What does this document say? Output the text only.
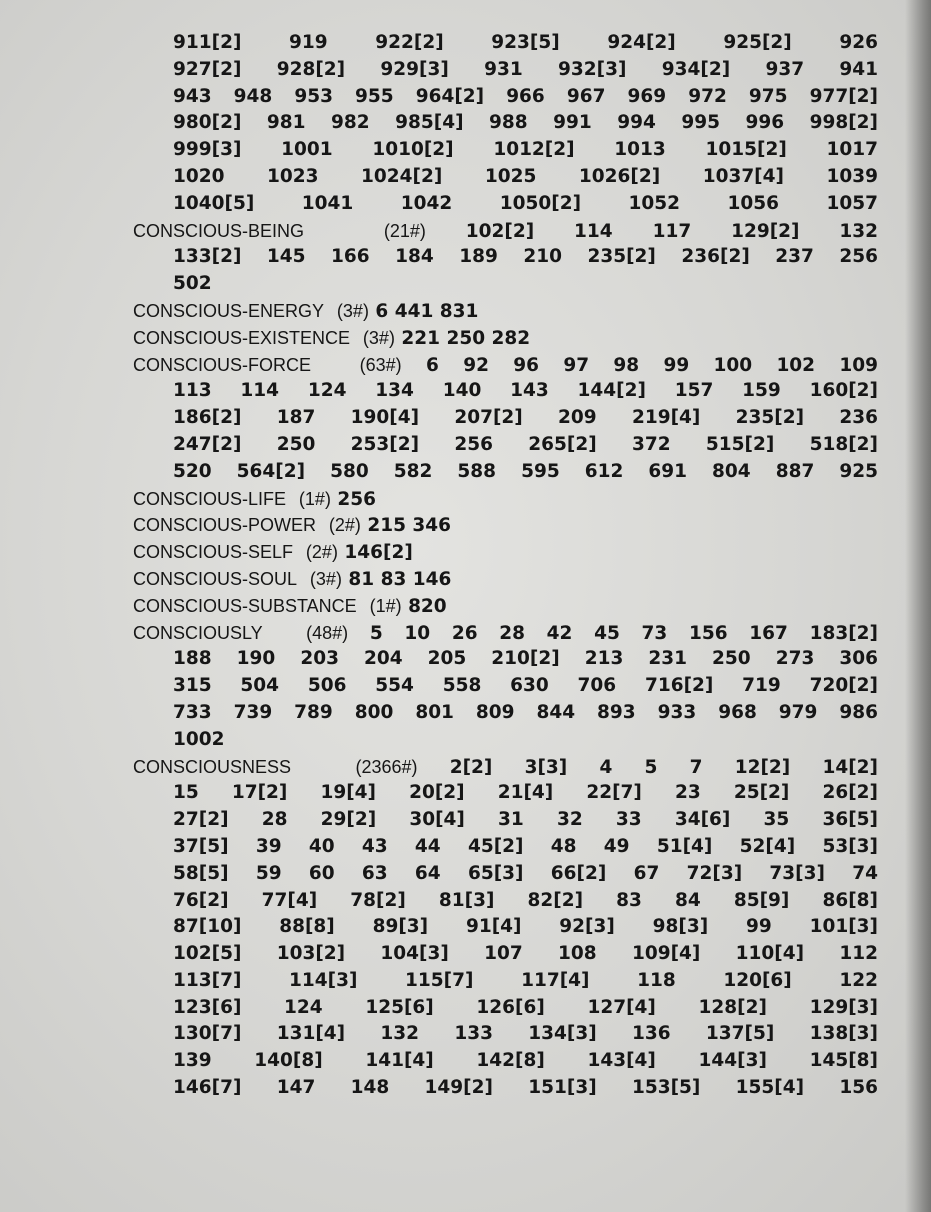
911[2] 919 922[2] 923[5] 924[2] 925[2] 926
927[2] 928[2] 929[3] 931 932[3] 934[2] 937 941
943 948 953 955 964[2] 966 967 969 972 975 977[2]
980[2] 981 982 985[4] 988 991 994 995 996 998[2]
999[3] 1001 1010[2] 1012[2] 1013 1015[2] 1017
1020 1023 1024[2] 1025 1026[2] 1037[4] 1039
1040[5] 1041 1042 1050[2] 1052 1056 1057
CONSCIOUS-BEING	(21#) 102[2] 114 117 129[2] 132
133[2] 145 166 184 189 210 235[2] 236[2] 237 256
502
CONSCIOUS-ENERGY (3#) 6 441 831
CONSCIOUS-EXISTENCE (3#) 221 250 282
CONSCIOUS-FORCE	(63#) 6 92 96 97 98 99 100 102 109
113 114 124 134 140 143 144[2] 157 159 160[2]
186[2] 187 190[4] 207[2] 209 219[4] 235[2] 236
247[2] 250 253[2] 256 265[2] 372 515[2] 518[2]
520 564[2] 580 582 588 595 612 691 804 887 925
CONSCIOUS-LIFE (1#) 256
CONSCIOUS-POWER (2#) 215 346
CONSCIOUS-SELF (2#) 146[2]
CONSCIOUS-SOUL (3#) 81 83 146
CONSCIOUS-SUBSTANCE (1#) 820
CONSCIOUSLY (48#) 5 10 26 28 42 45 73 156 167 183[2]
188 190 203 204 205 210[2] 213 231 250 273 306
315 504 506 554 558 630 706 716[2] 719 720[2]
733 739 789 800 801 809 844 893 933 968 979 986
1002
CONSCIOUSNESS	(2366#) 2[2] 3[3] 4 5 7 12[2] 14[2]
15 17[2] 19[4] 20[2] 21[4] 22[7] 23 25[2] 26[2]
27[2] 28 29[2] 30[4] 31 32 33 34[6] 35 36[5]
37[5] 39 40 43 44 45[2] 48 49 51[4] 52[4] 53[3]
58[5] 59 60 63 64 65[3] 66[2] 67 72[3] 73[3] 74
76[2] 77[4] 78[2] 81[3] 82[2] 83 84 85[9] 86[8]
87[10] 88[8] 89[3] 91[4] 92[3] 98[3] 99 101[3]
102[5] 103[2] 104[3] 107 108 109[4] 110[4] 112
113[7] 114[3] 115[7] 117[4] 118 120[6] 122
123[6] 124 125[6] 126[6] 127[4] 128[2] 129[3]
130[7] 131[4] 132 133 134[3] 136 137[5] 138[3]
139 140[8] 141[4] 142[8] 143[4] 144[3] 145[8]
146[7] 147 148 149[2] 151[3] 153[5] 155[4] 156
